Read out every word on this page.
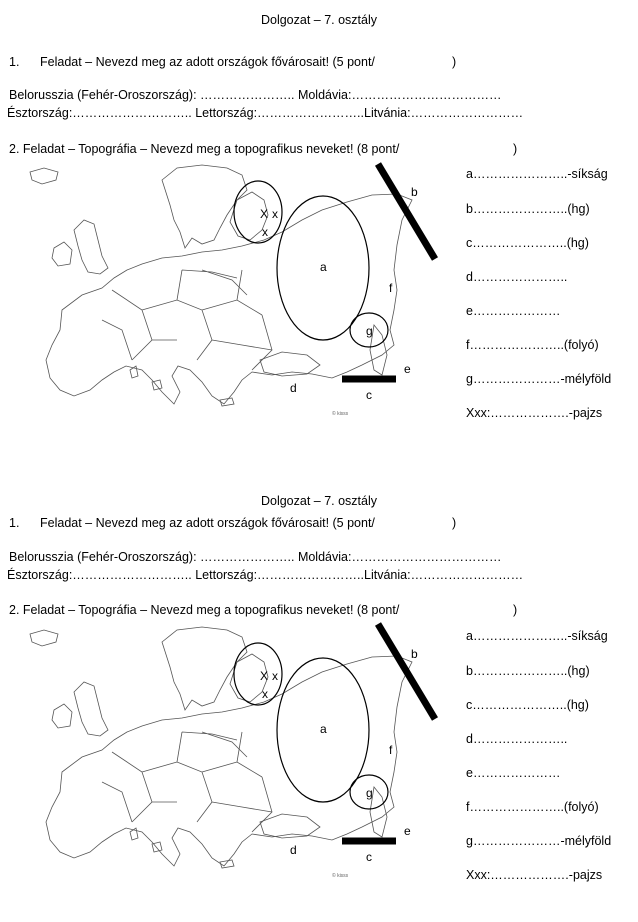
Dolgozat – 7. osztály
1. Feladat – Nevezd meg az adott országok fővárosait! (5 pont/	)
Belorusszia (Fehér-Oroszország): ………………….. Moldávia:………………………………
Észtország:……………………….. Lettország:……………………..Litvánia:………………………
2. Feladat – Topográfia – Nevezd meg a topografikus neveket! (8 pont/	)
X x
x
a
b
c
d
e
f
g
© kisss
a…………………..-síkság
b…………………..(hg)
c…………………..(hg)
d…………………..
e…………………
f…………………..(folyó)
g…………………-mélyföld
Xxx:……………….-pajzs
Dolgozat – 7. osztály
1. Feladat – Nevezd meg az adott országok fővárosait! (5 pont/	)
Belorusszia (Fehér-Oroszország): ………………….. Moldávia:………………………………
Észtország:……………………….. Lettország:……………………..Litvánia:………………………
2. Feladat – Topográfia – Nevezd meg a topografikus neveket! (8 pont/	)
X x
x
a
b
c
d
e
f
g
© kisss
a…………………..-síkság
b…………………..(hg)
c…………………..(hg)
d…………………..
e…………………
f…………………..(folyó)
g…………………-mélyföld
Xxx:……………….-pajzs
